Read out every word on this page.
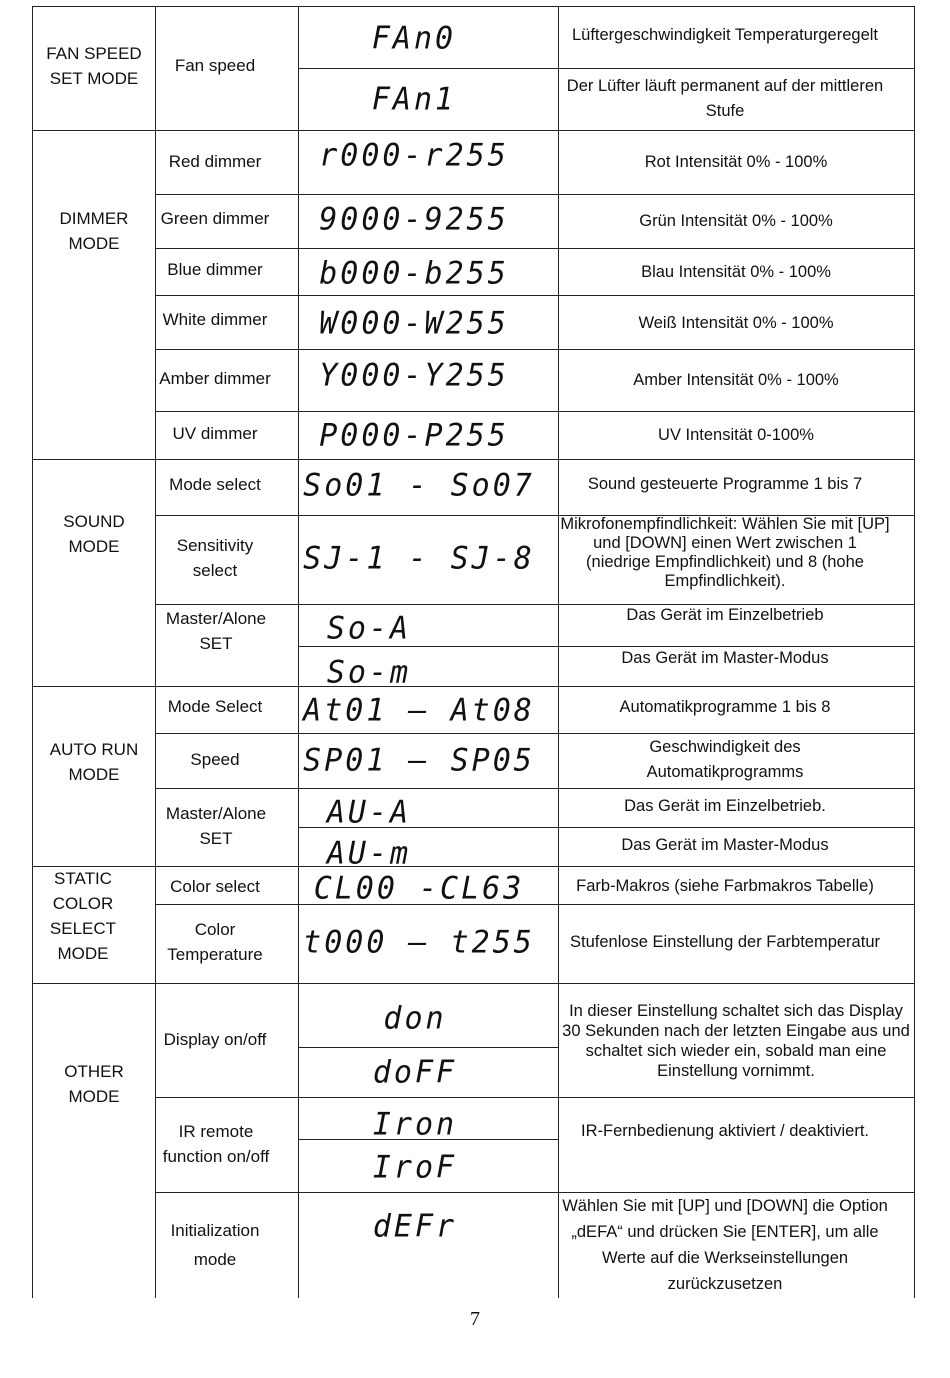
FAN SPEED SET MODE
DIMMER MODE
SOUND MODE
AUTO RUN MODE
STATIC COLOR SELECT MODE
OTHER MODE
Fan speed
Red dimmer
Green dimmer
Blue dimmer
White dimmer
Amber dimmer
UV dimmer
Mode select
Sensitivity select
Master/Alone SET
Mode Select
Speed
Master/Alone SET
Color select
Color Temperature
Display on/off
IR remote function on/off
Initialization mode
FAn0
FAn1
r000-r255
9000-9255
b000-b255
W000-W255
Y000-Y255
P000-P255
So01 - So07
SJ-1 - SJ-8
So-A
So-m
At01 — At08
SP01 — SP05
AU-A
AU-m
CL00 -CL63
t000 — t255
don
doFF
Iron
IroF
dEFr
Lüftergeschwindigkeit Temperaturgeregelt
Der Lüfter läuft permanent auf der mittleren Stufe
Rot Intensität 0% - 100%
Grün Intensität 0% - 100%
Blau Intensität 0% - 100%
Weiß Intensität 0% - 100%
Amber Intensität 0% - 100%
UV Intensität 0-100%
Sound gesteuerte Programme 1 bis 7
Mikrofonempfindlichkeit: Wählen Sie mit [UP] und [DOWN] einen Wert zwischen 1 (niedrige Empfindlichkeit) und 8 (hohe Empfindlichkeit).
Das Gerät im Einzelbetrieb
Das Gerät im Master-Modus
Automatikprogramme 1 bis 8
Geschwindigkeit des Automatikprogramms
Das Gerät im Einzelbetrieb.
Das Gerät im Master-Modus
Farb-Makros (siehe Farbmakros Tabelle)
Stufenlose Einstellung der Farbtemperatur
In dieser Einstellung schaltet sich das Display 30 Sekunden nach der letzten Eingabe aus und schaltet sich wieder ein, sobald man eine Einstellung vornimmt.
IR-Fernbedienung aktiviert / deaktiviert.
Wählen Sie mit [UP] und [DOWN] die Option „dEFA“ und drücken Sie [ENTER], um alle Werte auf die Werkseinstellungen zurückzusetzen
7
